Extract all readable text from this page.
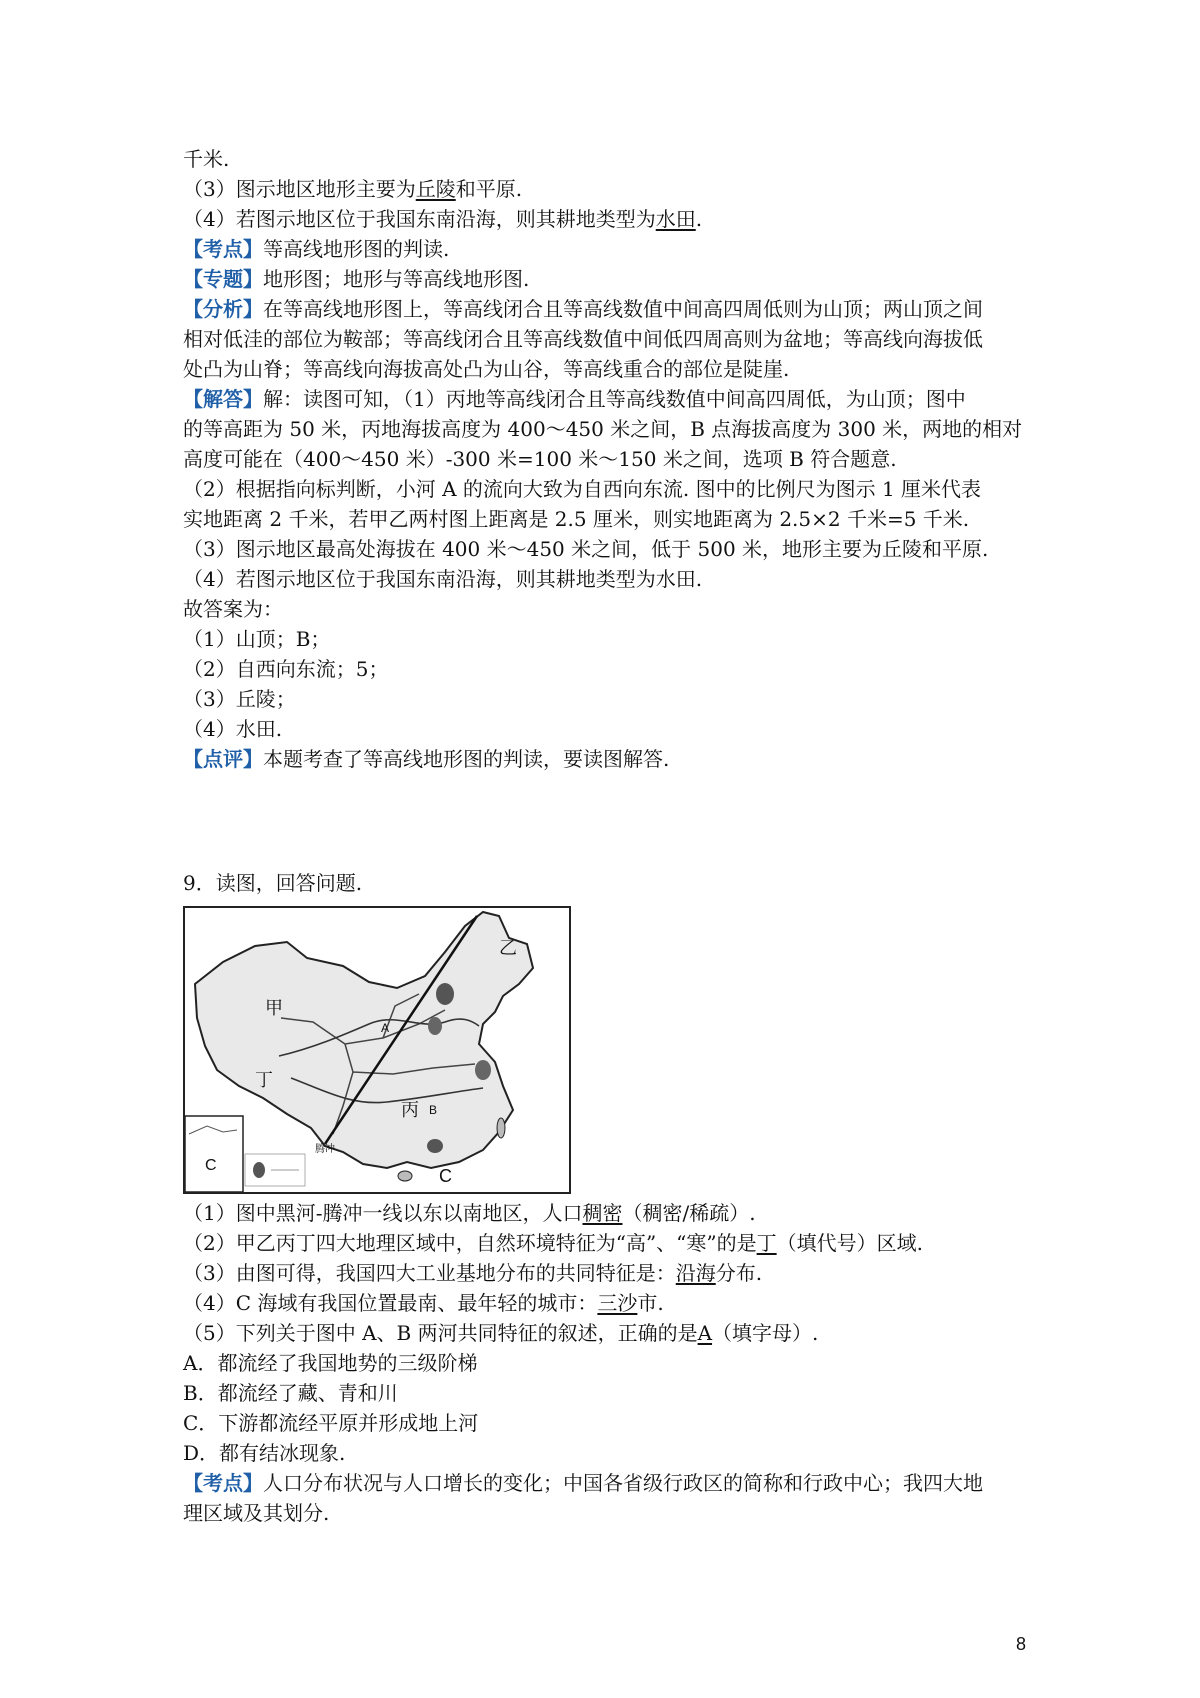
千米.
（3）图示地区地形主要为丘陵和平原.
（4）若图示地区位于我国东南沿海，则其耕地类型为水田.
【考点】等高线地形图的判读.
【专题】地形图；地形与等高线地形图.
【分析】在等高线地形图上，等高线闭合且等高线数值中间高四周低则为山顶；两山顶之间
相对低洼的部位为鞍部；等高线闭合且等高线数值中间低四周高则为盆地；等高线向海拔低
处凸为山脊；等高线向海拔高处凸为山谷，等高线重合的部位是陡崖.
【解答】解：读图可知，（1）丙地等高线闭合且等高线数值中间高四周低，为山顶；图中
的等高距为 50 米，丙地海拔高度为 400～450 米之间，B 点海拔高度为 300 米，两地的相对
高度可能在（400～450 米）-300 米=100 米～150 米之间，选项 B 符合题意.
（2）根据指向标判断，小河 A 的流向大致为自西向东流. 图中的比例尺为图示 1 厘米代表
实地距离 2 千米，若甲乙两村图上距离是 2.5 厘米，则实地距离为 2.5×2 千米=5 千米.
（3）图示地区最高处海拔在 400 米～450 米之间，低于 500 米，地形主要为丘陵和平原.
（4）若图示地区位于我国东南沿海，则其耕地类型为水田.
故答案为：
（1）山顶；B；
（2）自西向东流；5；
（3）丘陵；
（4）水田.
【点评】本题考查了等高线地形图的判读，要读图解答.
9．读图，回答问题.
甲
乙
丙
丁
C
C
A
B
腾冲
（1）图中黑河-腾冲一线以东以南地区，人口稠密（稠密/稀疏）.
（2）甲乙丙丁四大地理区域中，自然环境特征为“高”、“寒”的是丁（填代号）区域.
（3）由图可得，我国四大工业基地分布的共同特征是：沿海分布.
（4）C 海域有我国位置最南、最年轻的城市：三沙市.
（5）下列关于图中 A、B 两河共同特征的叙述，正确的是A（填字母）.
A．都流经了我国地势的三级阶梯
B．都流经了藏、青和川
C．下游都流经平原并形成地上河
D．都有结冰现象.
【考点】人口分布状况与人口增长的变化；中国各省级行政区的简称和行政中心；我四大地
理区域及其划分.
8
